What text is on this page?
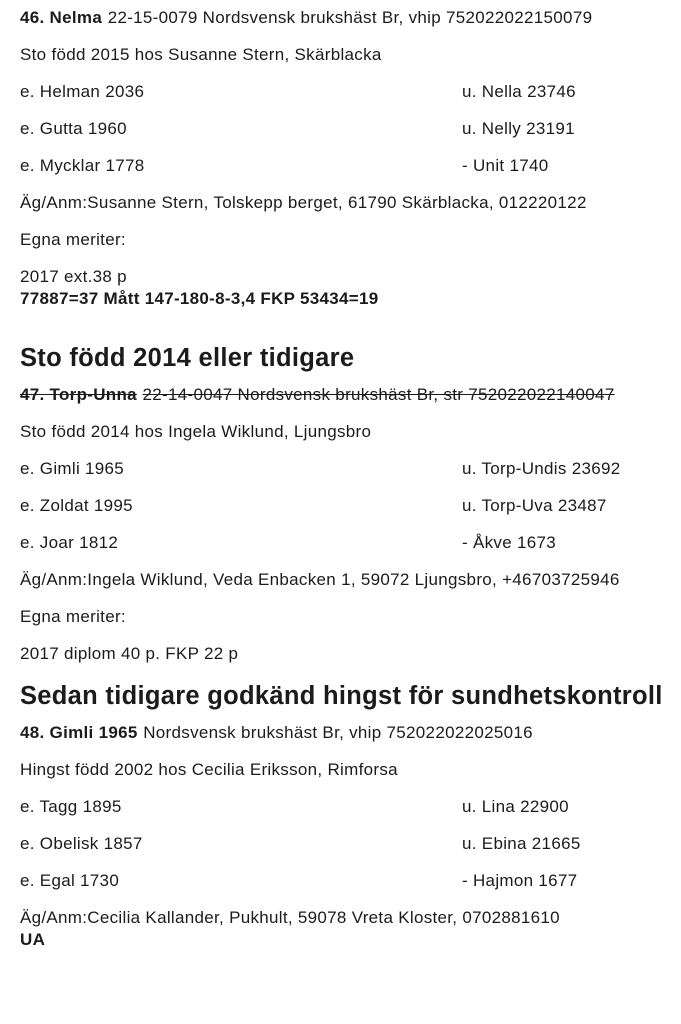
46. Nelma 22-15-0079 Nordsvensk brukshäst Br, vhip 752022022150079

Sto född 2015 hos Susanne Stern, Skärblacka

e. Helman 2036	u. Nella 23746
e. Gutta 1960	u. Nelly 23191
e. Mycklar 1778	- Unit 1740

Äg/Anm:Susanne Stern, Tolskepp berget, 61790 Skärblacka, 012220122

Egna meriter:

2017 ext.38 p

77887=37 Mått 147-180-8-3,4 FKP 53434=19

Sto född 2014 eller tidigare

47. Torp-Unna 22-14-0047 Nordsvensk brukshäst Br, str 752022022140047

Sto född 2014 hos Ingela Wiklund, Ljungsbro

e. Gimli 1965	u. Torp-Undis 23692
e. Zoldat 1995	u. Torp-Uva 23487
e. Joar 1812	- Åkve 1673

Äg/Anm:Ingela Wiklund, Veda Enbacken 1, 59072 Ljungsbro, +46703725946

Egna meriter:

2017 diplom 40 p. FKP 22 p

Sedan tidigare godkänd hingst för sundhetskontroll

48. Gimli 1965 Nordsvensk brukshäst Br, vhip 752022022025016

Hingst född 2002 hos Cecilia Eriksson, Rimforsa

e. Tagg 1895	u. Lina 22900
e. Obelisk 1857	u. Ebina 21665
e. Egal 1730	- Hajmon 1677

Äg/Anm:Cecilia Kallander, Pukhult, 59078 Vreta Kloster, 0702881610

UA
